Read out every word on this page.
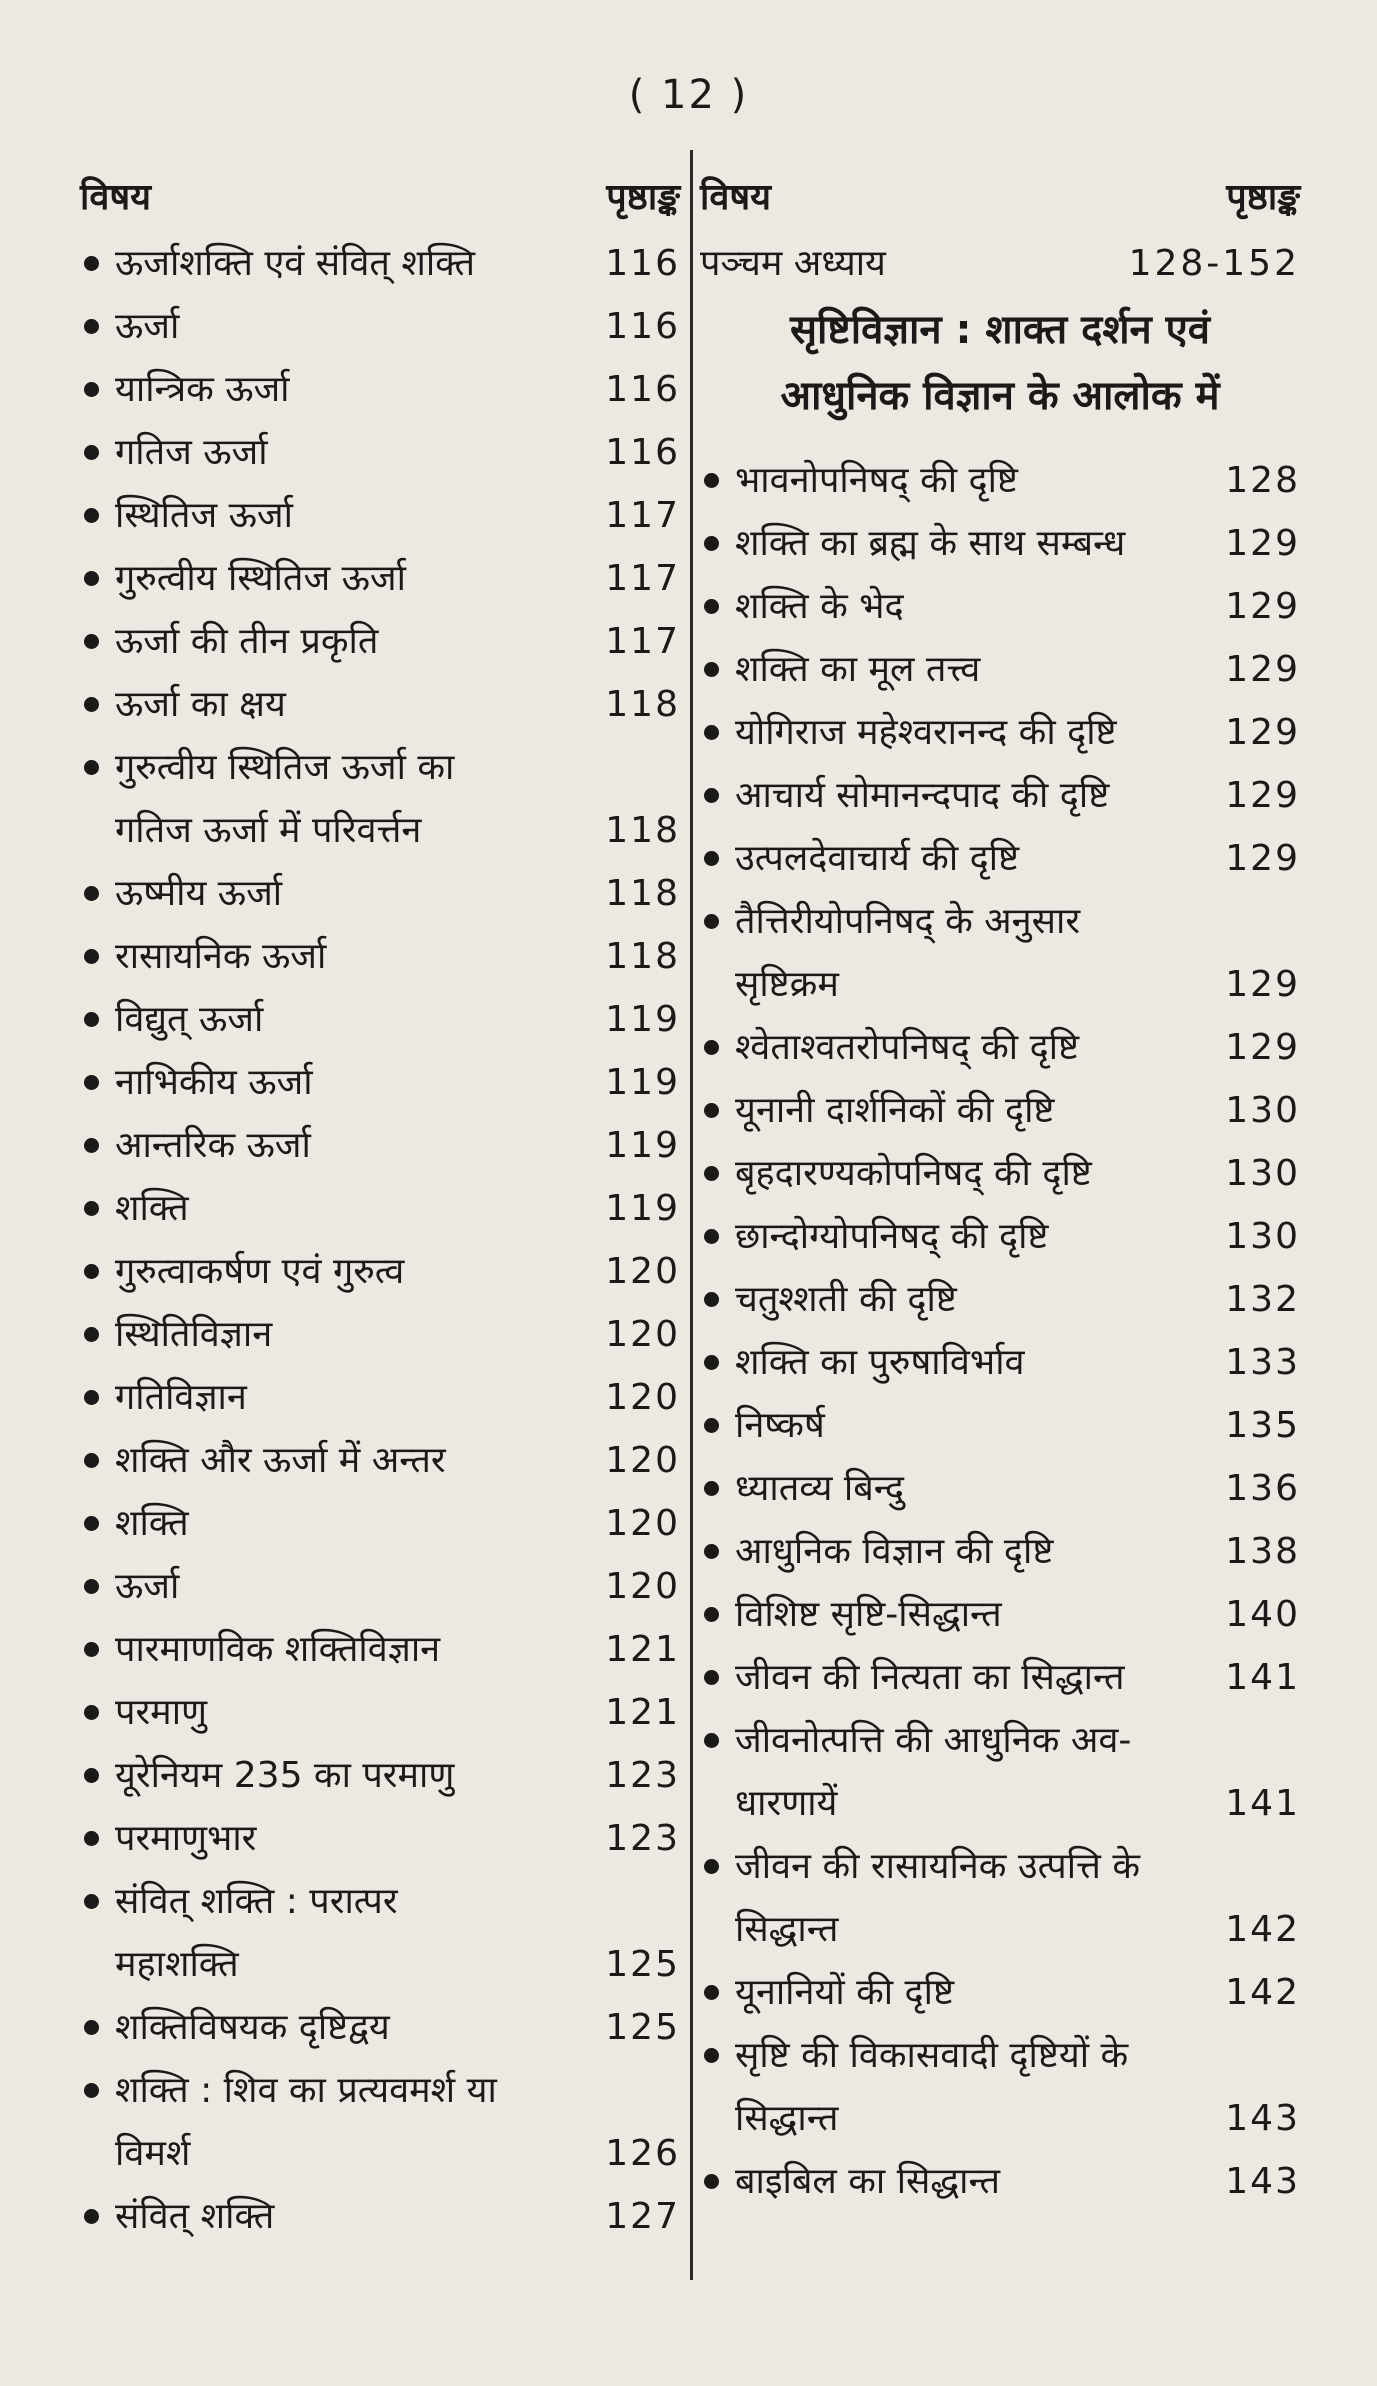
( 12 )
विषय	पृष्ठाङ्क
ऊर्जाशक्ति एवं संवित् शक्ति	116
ऊर्जा	116
यान्त्रिक ऊर्जा	116
गतिज ऊर्जा	116
स्थितिज ऊर्जा	117
गुरुत्वीय स्थितिज ऊर्जा	117
ऊर्जा की तीन प्रकृति	117
ऊर्जा का क्षय	118
गुरुत्वीय स्थितिज ऊर्जा का
गतिज ऊर्जा में परिवर्त्तन	118
ऊष्मीय ऊर्जा	118
रासायनिक ऊर्जा	118
विद्युत् ऊर्जा	119
नाभिकीय ऊर्जा	119
आन्तरिक ऊर्जा	119
शक्ति	119
गुरुत्वाकर्षण एवं गुरुत्व	120
स्थितिविज्ञान	120
गतिविज्ञान	120
शक्ति और ऊर्जा में अन्तर	120
शक्ति	120
ऊर्जा	120
पारमाणविक शक्तिविज्ञान	121
परमाणु	121
यूरेनियम 235 का परमाणु	123
परमाणुभार	123
संवित् शक्ति : परात्पर
महाशक्ति	125
शक्तिविषयक दृष्टिद्वय	125
शक्ति : शिव का प्रत्यवमर्श या
विमर्श	126
संवित् शक्ति	127
विषय	पृष्ठाङ्क
पञ्चम अध्याय	128-152
सृष्टिविज्ञान : शाक्त दर्शन एवं
आधुनिक विज्ञान के आलोक में
भावनोपनिषद् की दृष्टि	128
शक्ति का ब्रह्म के साथ सम्बन्ध	129
शक्ति के भेद	129
शक्ति का मूल तत्त्व	129
योगिराज महेश्वरानन्द की दृष्टि	129
आचार्य सोमानन्दपाद की दृष्टि	129
उत्पलदेवाचार्य की दृष्टि	129
तैत्तिरीयोपनिषद् के अनुसार
सृष्टिक्रम	129
श्वेताश्वतरोपनिषद् की दृष्टि	129
यूनानी दार्शनिकों की दृष्टि	130
बृहदारण्यकोपनिषद् की दृष्टि	130
छान्दोग्योपनिषद् की दृष्टि	130
चतुश्शती की दृष्टि	132
शक्ति का पुरुषाविर्भाव	133
निष्कर्ष	135
ध्यातव्य बिन्दु	136
आधुनिक विज्ञान की दृष्टि	138
विशिष्ट सृष्टि-सिद्धान्त	140
जीवन की नित्यता का सिद्धान्त	141
जीवनोत्पत्ति की आधुनिक अव-
धारणायें	141
जीवन की रासायनिक उत्पत्ति के
सिद्धान्त	142
यूनानियों की दृष्टि	142
सृष्टि की विकासवादी दृष्टियों के
सिद्धान्त	143
बाइबिल का सिद्धान्त	143
